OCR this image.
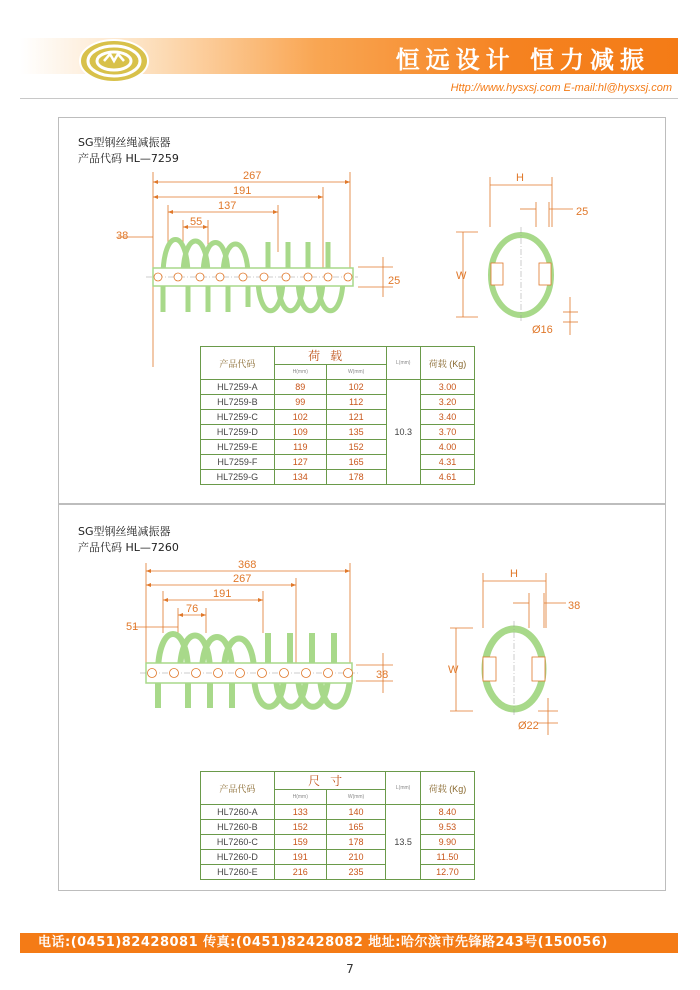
恒远设计 恒力减振
Http://www.hysxsj.com E-mail:hl@hysxsj.com
SG型钢丝绳减振器
产品代码 HL—7259
267
191
137
55
38
25
H
25
W
Ø16
产品代码	荷载		L(mm)	荷载 (Kg)
	H(mm)	W(mm)		
HL7259-A	89	102	10.3	3.00
HL7259-B	99	112		3.20
HL7259-C	102	121		3.40
HL7259-D	109	135		3.70
HL7259-E	119	152		4.00
HL7259-F	127	165		4.31
HL7259-G	134	178		4.61
SG型钢丝绳减振器
产品代码 HL—7260
368
267
191
76
51
38
H
38
W
Ø22
产品代码	尺寸		L(mm)	荷载 (Kg)
	H(mm)	W(mm)		
HL7260-A	133	140	13.5	8.40
HL7260-B	152	165		9.53
HL7260-C	159	178		9.90
HL7260-D	191	210		11.50
HL7260-E	216	235		12.70
电话:(0451)82428081 传真:(0451)82428082 地址:哈尔滨市先锋路243号(150056)
7
